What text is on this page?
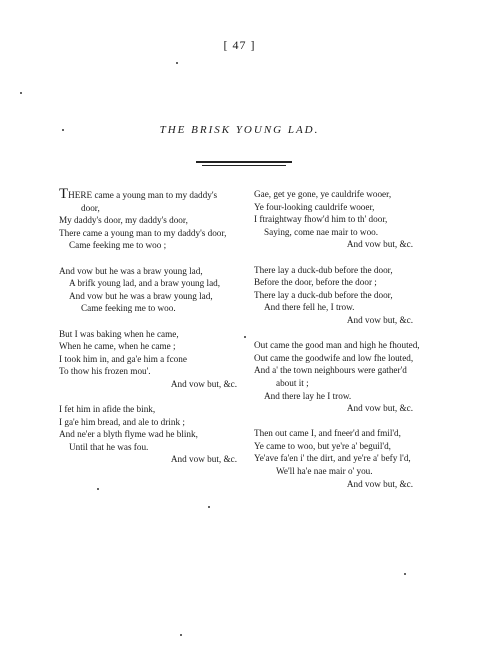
[ 47 ]
THE BRISK YOUNG LAD.
THERE came a young man to my daddy's
door,
My daddy's door, my daddy's door,
There came a young man to my daddy's door,
Came feeking me to woo ;
And vow but he was a braw young lad,
A brifk young lad, and a braw young lad,
And vow but he was a braw young lad,
Came feeking me to woo.
But I was baking when he came,
When he came, when he came ;
I took him in, and ga'e him a fcone
To thow his frozen mou'.
And vow but, &c.
I fet him in afide the bink,
I ga'e him bread, and ale to drink ;
And ne'er a blyth flyme wad he blink,
Until that he was fou.
And vow but, &c.
Gae, get ye gone, ye cauldrife wooer,
Ye four-looking cauldrife wooer,
I ftraightway fhow'd him to th' door,
Saying, come nae mair to woo.
And vow but, &c.
There lay a duck-dub before the door,
Before the door, before the door ;
There lay a duck-dub before the door,
And there fell he, I trow.
And vow but, &c.
Out came the good man and high he fhouted,
Out came the goodwife and low fhe louted,
And a' the town neighbours were gather'd
about it ;
And there lay he I trow.
And vow but, &c.
Then out came I, and fneer'd and fmil'd,
Ye came to woo, but ye're a' beguil'd,
Ye'ave fa'en i' the dirt, and ye're a' befy l'd,
We'll ha'e nae mair o' you.
And vow but, &c.
